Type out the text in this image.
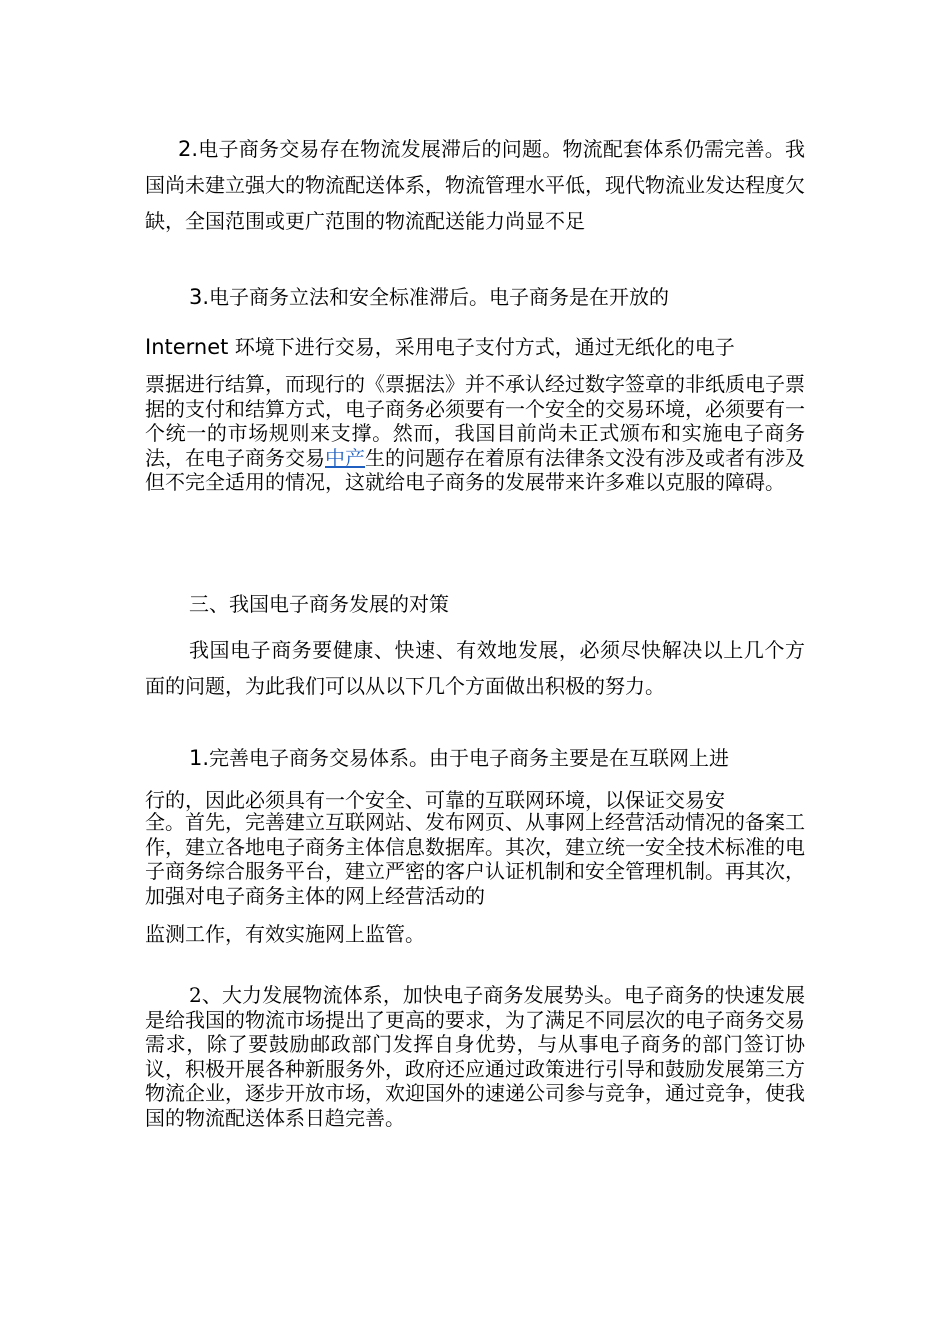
2.电子商务交易存在物流发展滞后的问题。物流配套体系仍需完善。我国尚未建立强大的物流配送体系，物流管理水平低，现代物流业发达程度欠缺，全国范围或更广范围的物流配送能力尚显不足

3.电子商务立法和安全标准滞后。电子商务是在开放的
Internet 环境下进行交易，采用电子支付方式，通过无纸化的电子

票据进行结算，而现行的《票据法》并不承认经过数字签章的非纸质电子票据的支付和结算方式，电子商务必须要有一个安全的交易环境，必须要有一个统一的市场规则来支撑。然而，我国目前尚未正式颁布和实施电子商务法，在电子商务交易中产生的问题存在着原有法律条文没有涉及或者有涉及但不完全适用的情况，这就给电子商务的发展带来许多难以克服的障碍。

三、我国电子商务发展的对策

我国电子商务要健康、快速、有效地发展，必须尽快解决以上几个方面的问题，为此我们可以从以下几个方面做出积极的努力。

1.完善电子商务交易体系。由于电子商务主要是在互联网上进
行的，因此必须具有一个安全、可靠的互联网环境，以保证交易安

全。首先，完善建立互联网站、发布网页、从事网上经营活动情况的备案工作，建立各地电子商务主体信息数据库。其次，建立统一安全技术标准的电子商务综合服务平台，建立严密的客户认证机制和安全管理机制。再其次，加强对电子商务主体的网上经营活动的

监测工作，有效实施网上监管。

2、大力发展物流体系，加快电子商务发展势头。电子商务的快速发展是给我国的物流市场提出了更高的要求，为了满足不同层次的电子商务交易需求，除了要鼓励邮政部门发挥自身优势，与从事电子商务的部门签订协议，积极开展各种新服务外，政府还应通过政策进行引导和鼓励发展第三方物流企业，逐步开放市场，欢迎国外的速递公司参与竞争，通过竞争，使我国的物流配送体系日趋完善。
